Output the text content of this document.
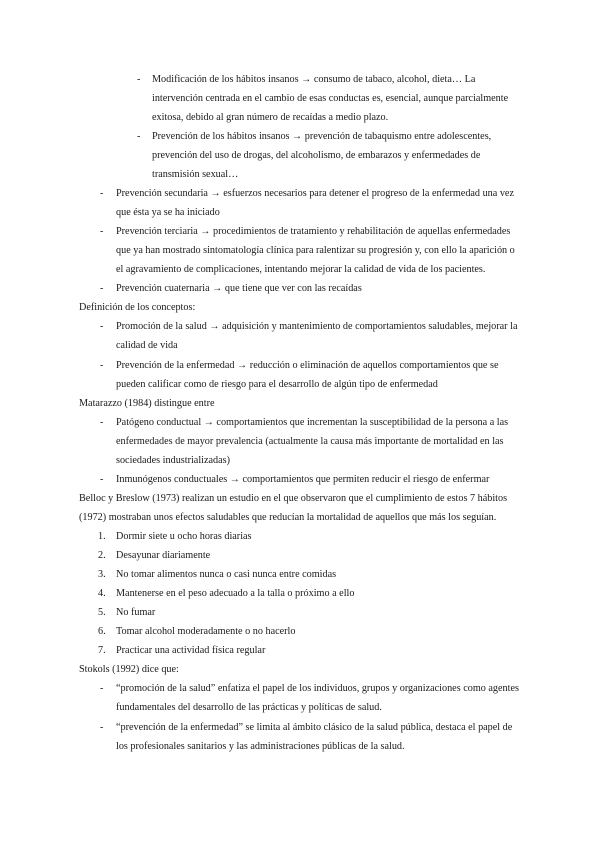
- Modificación de los hábitos insanos → consumo de tabaco, alcohol, dieta… La
intervención centrada en el cambio de esas conductas es, esencial, aunque parcialmente
exitosa, debido al gran número de recaídas a medio plazo.
- Prevención de los hábitos insanos → prevención de tabaquismo entre adolescentes,
prevención del uso de drogas, del alcoholismo, de embarazos y enfermedades de
transmisión sexual…
- Prevención secundaria → esfuerzos necesarios para detener el progreso de la enfermedad una vez
que ésta ya se ha iniciado
- Prevención terciaria → procedimientos de tratamiento y rehabilitación de aquellas enfermedades
que ya han mostrado sintomatología clínica para ralentizar su progresión y, con ello la aparición o
el agravamiento de complicaciones, intentando mejorar la calidad de vida de los pacientes.
- Prevención cuaternaria → que tiene que ver con las recaídas
Definición de los conceptos:
- Promoción de la salud → adquisición y mantenimiento de comportamientos saludables, mejorar la
calidad de vida
- Prevención de la enfermedad → reducción o eliminación de aquellos comportamientos que se
pueden calificar como de riesgo para el desarrollo de algún tipo de enfermedad
Matarazzo (1984) distingue entre
- Patógeno conductual → comportamientos que incrementan la susceptibilidad de la persona a las
enfermedades de mayor prevalencia (actualmente la causa más importante de mortalidad en las
sociedades industrializadas)
- Inmunógenos conductuales → comportamientos que permiten reducir el riesgo de enfermar
Belloc y Breslow (1973) realizan un estudio en el que observaron que el cumplimiento de estos 7 hábitos
(1972) mostraban unos efectos saludables que reducían la mortalidad de aquellos que más los seguían.
1. Dormir siete u ocho horas diarias
2. Desayunar diariamente
3. No tomar alimentos nunca o casi nunca entre comidas
4. Mantenerse en el peso adecuado a la talla o próximo a ello
5. No fumar
6. Tomar alcohol moderadamente o no hacerlo
7. Practicar una actividad física regular
Stokols (1992) dice que:
- “promoción de la salud” enfatiza el papel de los individuos, grupos y organizaciones como agentes
fundamentales del desarrollo de las prácticas y políticas de salud.
- “prevención de la enfermedad” se limita al ámbito clásico de la salud pública, destaca el papel de
los profesionales sanitarios y las administraciones públicas de la salud.
